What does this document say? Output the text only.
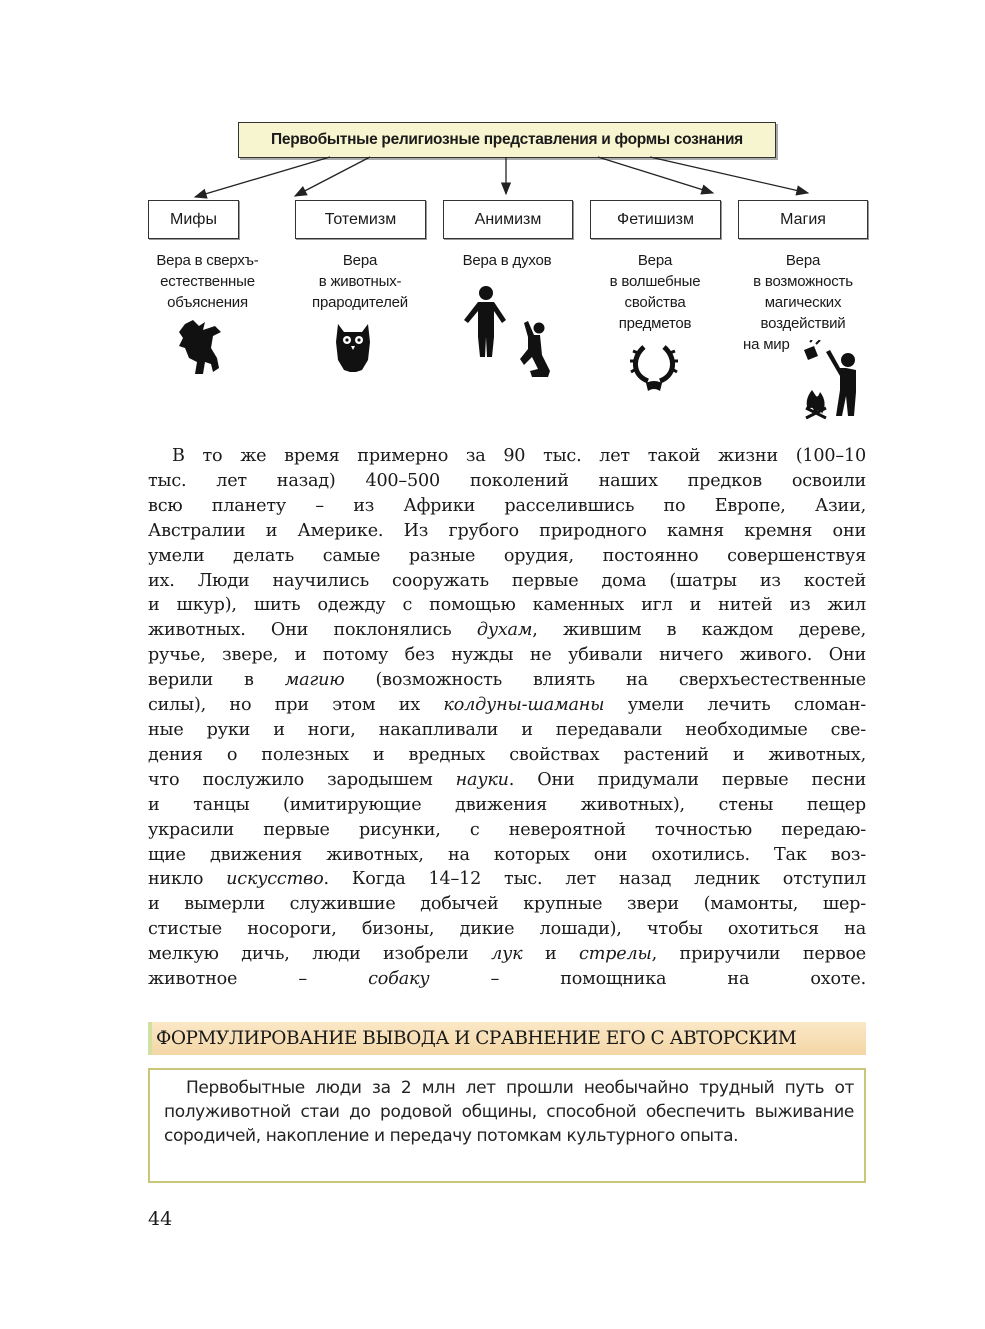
Первобытные религиозные представления и формы сознания
Мифы	Тотемизм	Анимизм	Фетишизм	Магия
Вера в сверхъ-
естественные
объяснения
Вера
в животных-
прародителей
Вера в духов	Вера
в волшебные
свойства
предметов
Вера
в возможность
магических
воздействий
на мир
В то же время примерно за 90 тыс. лет такой жизни (100–10
тыс. лет назад) 400–500 поколений наших предков освоили
всю планету – из Африки расселившись по Европе, Азии,
Австралии и Америке. Из грубого природного камня кремня они
умели делать самые разные орудия, постоянно совершенствуя
их. Люди научились сооружать первые дома (шатры из костей
и шкур), шить одежду с помощью каменных игл и нитей из жил
животных. Они поклонялись духам, жившим в каждом дереве,
ручье, звере, и потому без нужды не убивали ничего живого. Они
верили в магию (возможность влиять на сверхъестественные
силы), но при этом их колдуны-шаманы умели лечить сломан-
ные руки и ноги, накапливали и передавали необходимые све-
дения о полезных и вредных свойствах растений и животных,
что послужило зародышем науки. Они придумали первые песни
и танцы (имитирующие движения животных), стены пещер
украсили первые рисунки, с невероятной точностью передаю-
щие движения животных, на которых они охотились. Так воз-
никло искусство. Когда 14–12 тыс. лет назад ледник отступил
и вымерли служившие добычей крупные звери (мамонты, шер-
стистые носороги, бизоны, дикие лошади), чтобы охотиться на
мелкую дичь, люди изобрели лук и стрелы, приручили первое
животное – собаку – помощника на охоте.
ФОРМУЛИРОВАНИЕ ВЫВОДА И СРАВНЕНИЕ ЕГО С АВТОРСКИМ

Первобытные люди за 2 млн лет прошли необычайно трудный путь от полуживотной стаи до родовой общины, способной обеспечить выживание сородичей, накопление и передачу потомкам культурного опыта.

44
